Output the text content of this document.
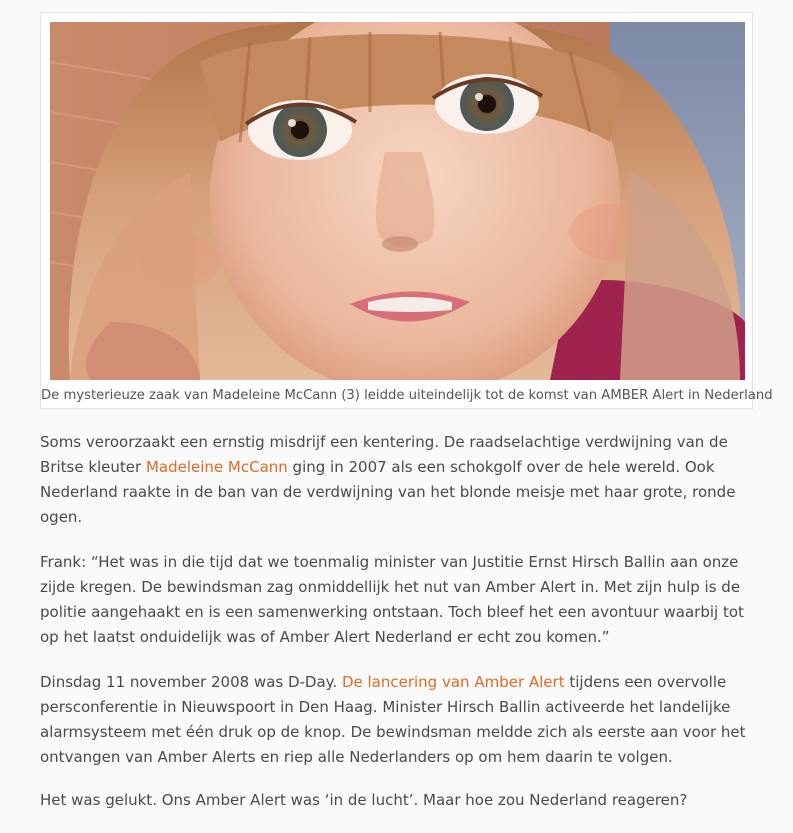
De mysterieuze zaak van Madeleine McCann (3) leidde uiteindelijk tot de komst van AMBER Alert in Nederland

Soms veroorzaakt een ernstig misdrijf een kentering. De raadselachtige verdwijning van de Britse kleuter Madeleine McCann ging in 2007 als een schokgolf over de hele wereld. Ook Nederland raakte in de ban van de verdwijning van het blonde meisje met haar grote, ronde ogen.

Frank: “Het was in die tijd dat we toenmalig minister van Justitie Ernst Hirsch Ballin aan onze zijde kregen. De bewindsman zag onmiddellijk het nut van Amber Alert in. Met zijn hulp is de politie aangehaakt en is een samenwerking ontstaan. Toch bleef het een avontuur waarbij tot op het laatst onduidelijk was of Amber Alert Nederland er echt zou komen.”

Dinsdag 11 november 2008 was D-Day. De lancering van Amber Alert tijdens een overvolle persconferentie in Nieuwspoort in Den Haag. Minister Hirsch Ballin activeerde het landelijke alarmsysteem met één druk op de knop. De bewindsman meldde zich als eerste aan voor het ontvangen van Amber Alerts en riep alle Nederlanders op om hem daarin te volgen.

Het was gelukt. Ons Amber Alert was ‘in de lucht’. Maar hoe zou Nederland reageren?
